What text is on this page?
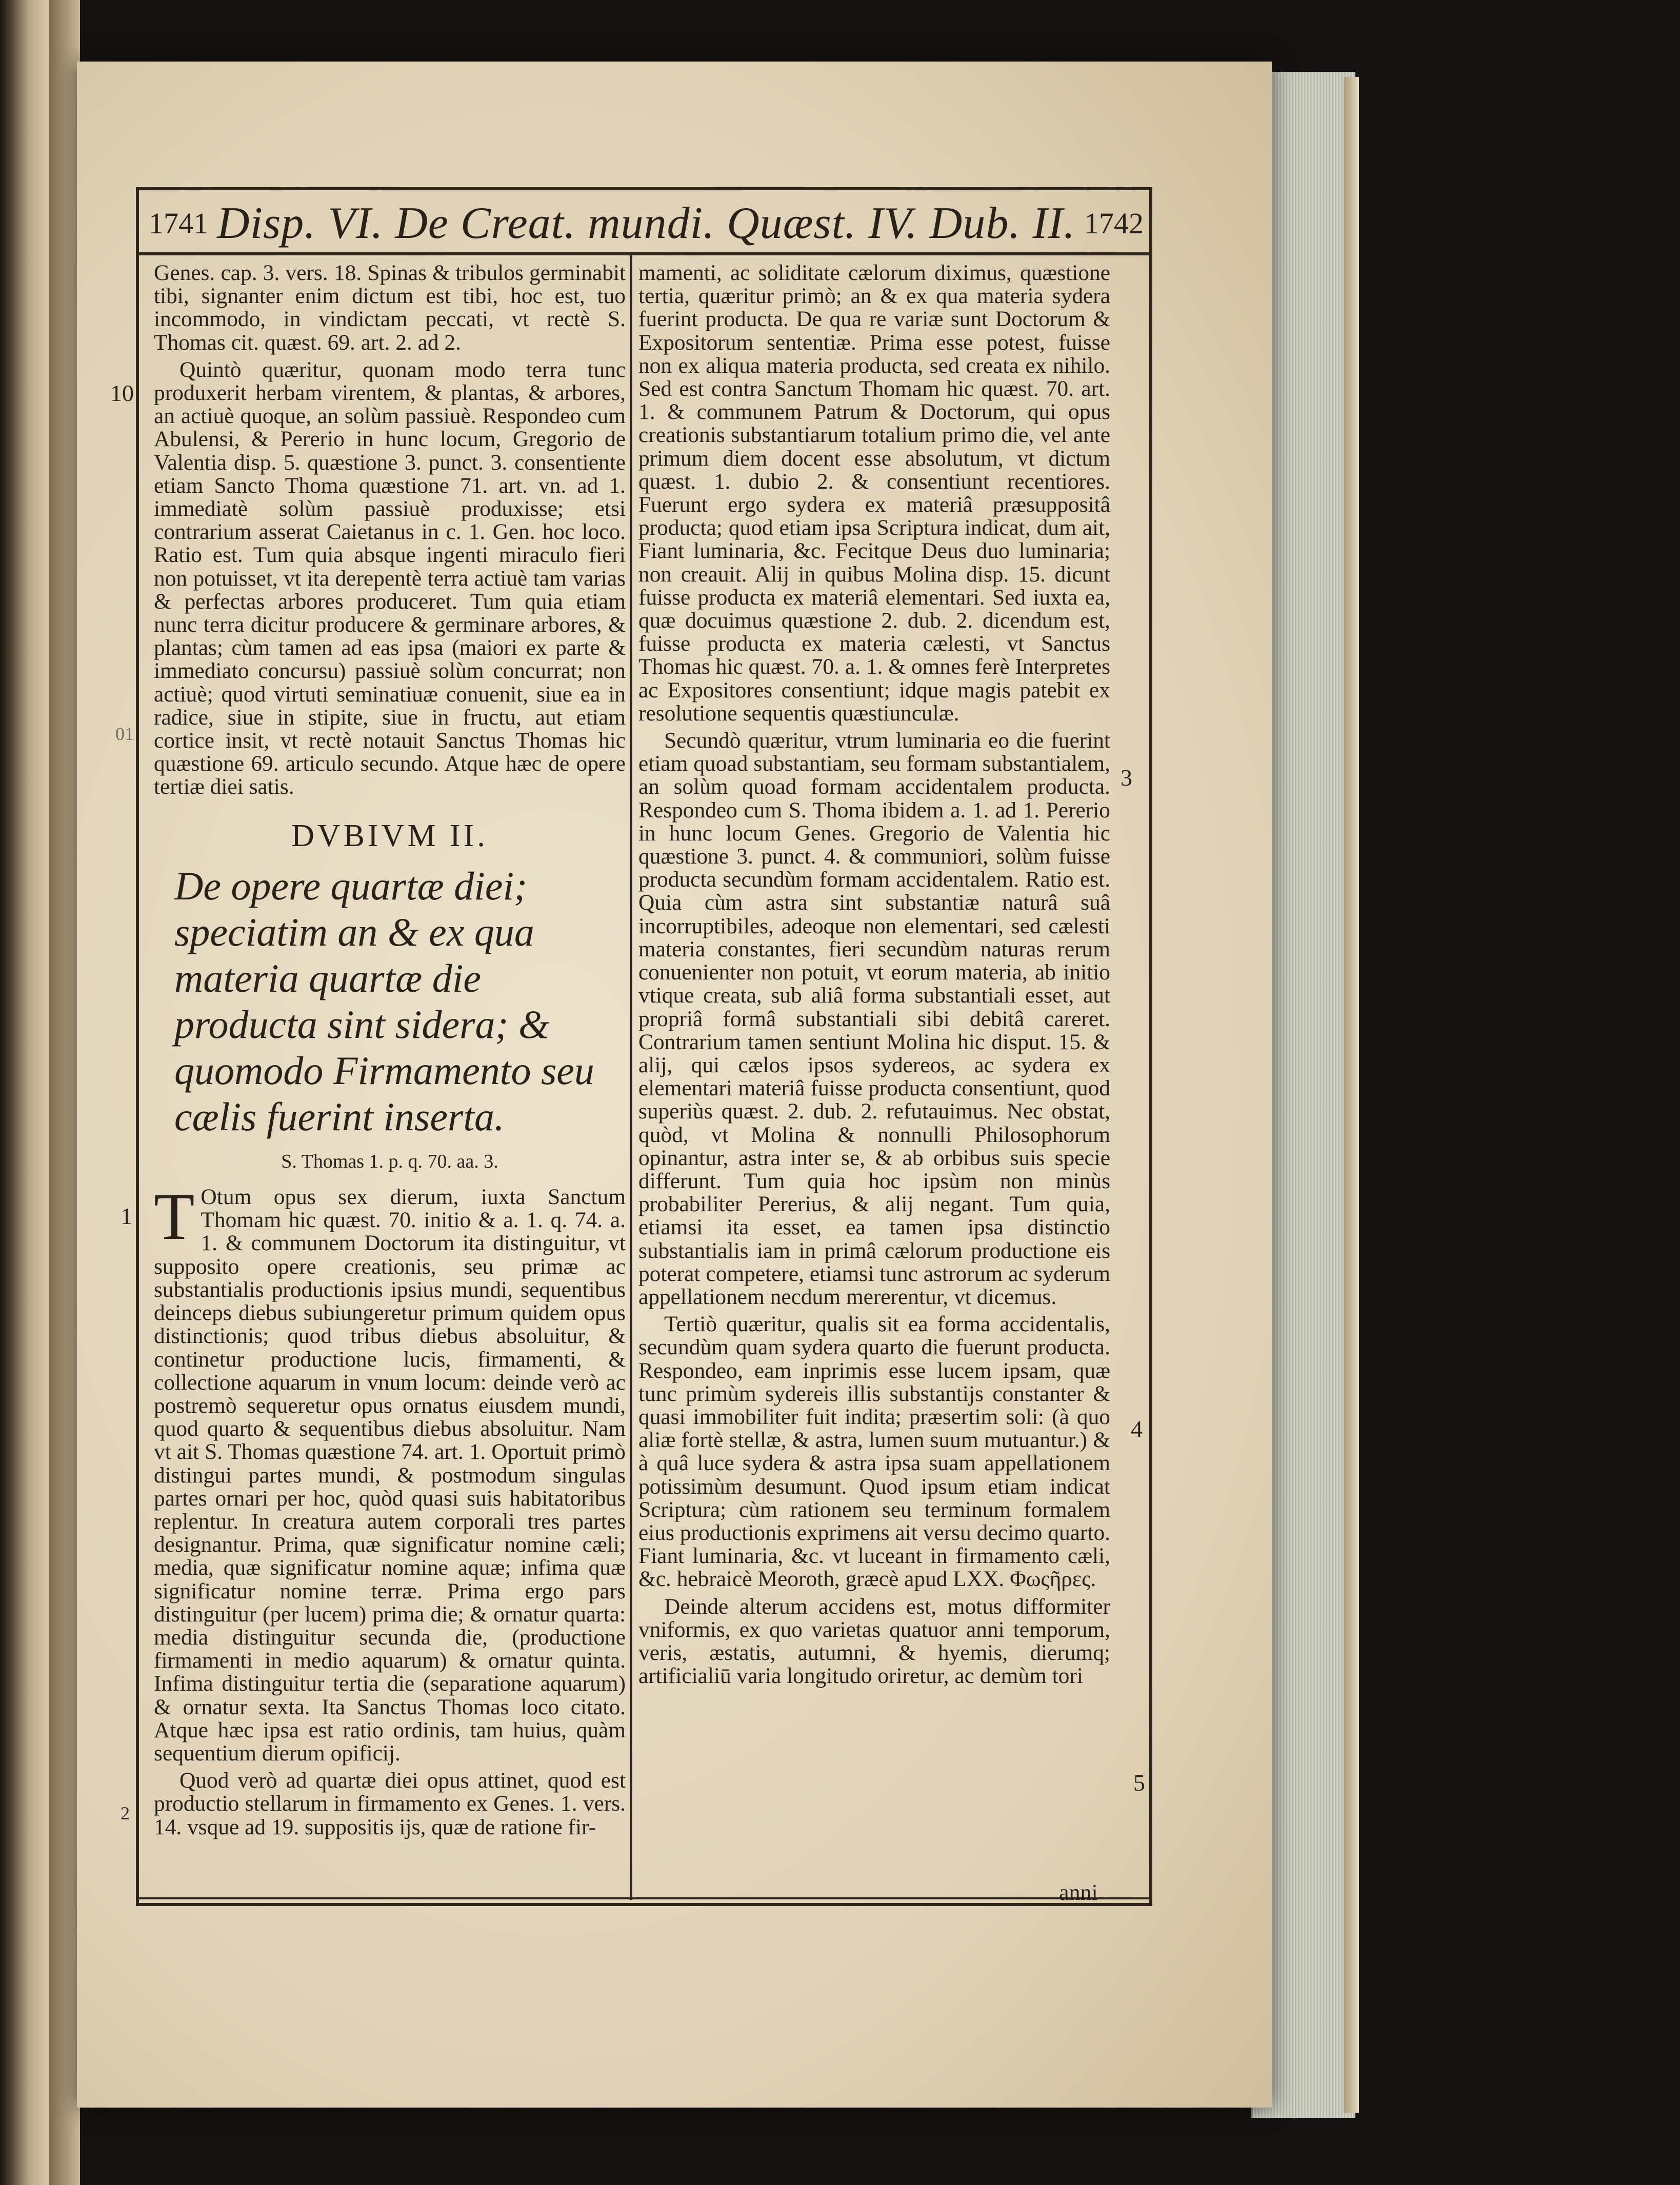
1741 Disp. VI. De Creat. mundi. Quæst. IV. Dub. II. 1742
10
01
1
2
3
4
5

Genes. cap. 3. vers. 18. Spinas & tribulos germinabit tibi, signanter enim dictum est tibi, hoc est, tuo incommodo, in vindictam peccati, vt rectè S. Thomas cit. quæst. 69. art. 2. ad 2.

Quintò quæritur, quonam modo terra tunc produxerit herbam virentem, & plantas, & arbores, an actiuè quoque, an solùm passiuè. Respondeo cum Abulensi, & Pererio in hunc locum, Gregorio de Valentia disp. 5. quæstione 3. punct. 3. consentiente etiam Sancto Thoma quæstione 71. art. vn. ad 1. immediatè solùm passiuè produxisse; etsi contrarium asserat Caietanus in c. 1. Gen. hoc loco. Ratio est. Tum quia absque ingenti miraculo fieri non potuisset, vt ita derepentè terra actiuè tam varias & perfectas arbores produceret. Tum quia etiam nunc terra dicitur producere & germinare arbores, & plantas; cùm tamen ad eas ipsa (maiori ex parte & immediato concursu) passiuè solùm concurrat; non actiuè; quod virtuti seminatiuæ conuenit, siue ea in radice, siue in stipite, siue in fructu, aut etiam cortice insit, vt rectè notauit Sanctus Thomas hic quæstione 69. articulo secundo. Atque hæc de opere tertiæ diei satis.

DVBIVM II.
De opere quartæ diei; speciatim an & ex qua materia quartæ die producta sint sidera; & quomodo Firmamento seu cælis fuerint inserta.
S. Thomas 1. p. q. 70. aa. 3.

T Otum opus sex dierum, iuxta Sanctum Thomam hic quæst. 70. initio & a. 1. q. 74. a. 1. & communem Doctorum ita distinguitur, vt supposito opere creationis, seu primæ ac substantialis productionis ipsius mundi, sequentibus deinceps diebus subiungeretur primum quidem opus distinctionis; quod tribus diebus absoluitur, & continetur productione lucis, firmamenti, & collectione aquarum in vnum locum: deinde verò ac postremò sequeretur opus ornatus eiusdem mundi, quod quarto & sequentibus diebus absoluitur. Nam vt ait S. Thomas quæstione 74. art. 1. Oportuit primò distingui partes mundi, & postmodum singulas partes ornari per hoc, quòd quasi suis habitatoribus replentur. In creatura autem corporali tres partes designantur. Prima, quæ significatur nomine cæli; media, quæ significatur nomine aquæ; infima quæ significatur nomine terræ. Prima ergo pars distinguitur (per lucem) prima die; & ornatur quarta: media distinguitur secunda die, (productione firmamenti in medio aquarum) & ornatur quinta. Infima distinguitur tertia die (separatione aquarum) & ornatur sexta. Ita Sanctus Thomas loco citato. Atque hæc ipsa est ratio ordinis, tam huius, quàm sequentium dierum opificij.

Quod verò ad quartæ diei opus attinet, quod est productio stellarum in firmamento ex Genes. 1. vers. 14. vsque ad 19. suppositis ijs, quæ de ratione fir-

mamenti, ac soliditate cælorum diximus, quæstione tertia, quæritur primò; an & ex qua materia sydera fuerint producta. De qua re variæ sunt Doctorum & Expositorum sententiæ. Prima esse potest, fuisse non ex aliqua materia producta, sed creata ex nihilo. Sed est contra Sanctum Thomam hic quæst. 70. art. 1. & communem Patrum & Doctorum, qui opus creationis substantiarum totalium primo die, vel ante primum diem docent esse absolutum, vt dictum quæst. 1. dubio 2. & consentiunt recentiores. Fuerunt ergo sydera ex materiâ præsuppositâ producta; quod etiam ipsa Scriptura indicat, dum ait, Fiant luminaria, &c. Fecitque Deus duo luminaria; non creauit. Alij in quibus Molina disp. 15. dicunt fuisse producta ex materiâ elementari. Sed iuxta ea, quæ docuimus quæstione 2. dub. 2. dicendum est, fuisse producta ex materia cælesti, vt Sanctus Thomas hic quæst. 70. a. 1. & omnes ferè Interpretes ac Expositores consentiunt; idque magis patebit ex resolutione sequentis quæstiunculæ.

Secundò quæritur, vtrum luminaria eo die fuerint etiam quoad substantiam, seu formam substantialem, an solùm quoad formam accidentalem producta. Respondeo cum S. Thoma ibidem a. 1. ad 1. Pererio in hunc locum Genes. Gregorio de Valentia hic quæstione 3. punct. 4. & communiori, solùm fuisse producta secundùm formam accidentalem. Ratio est. Quia cùm astra sint substantiæ naturâ suâ incorruptibiles, adeoque non elementari, sed cælesti materia constantes, fieri secundùm naturas rerum conuenienter non potuit, vt eorum materia, ab initio vtique creata, sub aliâ forma substantiali esset, aut propriâ formâ substantiali sibi debitâ careret. Contrarium tamen sentiunt Molina hic disput. 15. & alij, qui cælos ipsos sydereos, ac sydera ex elementari materiâ fuisse producta consentiunt, quod superiùs quæst. 2. dub. 2. refutauimus. Nec obstat, quòd, vt Molina & nonnulli Philosophorum opinantur, astra inter se, & ab orbibus suis specie differunt. Tum quia hoc ipsùm non minùs probabiliter Pererius, & alij negant. Tum quia, etiamsi ita esset, ea tamen ipsa distinctio substantialis iam in primâ cælorum productione eis poterat competere, etiamsi tunc astrorum ac syderum appellationem necdum mererentur, vt dicemus.

Tertiò quæritur, qualis sit ea forma accidentalis, secundùm quam sydera quarto die fuerunt producta. Respondeo, eam inprimis esse lucem ipsam, quæ tunc primùm sydereis illis substantijs constanter & quasi immobiliter fuit indita; præsertim soli: (à quo aliæ fortè stellæ, & astra, lumen suum mutuantur.) & à quâ luce sydera & astra ipsa suam appellationem potissimùm desumunt. Quod ipsum etiam indicat Scriptura; cùm rationem seu terminum formalem eius productionis exprimens ait versu decimo quarto. Fiant luminaria, &c. vt luceant in firmamento cæli, &c. hebraicè Meoroth, græcè apud LXX. Φωςῆρες.

Deinde alterum accidens est, motus difformiter vniformis, ex quo varietas quatuor anni temporum, veris, æstatis, autumni, & hyemis, dierumq; artificialiū varia longitudo oriretur, ac demùm tori

anni
